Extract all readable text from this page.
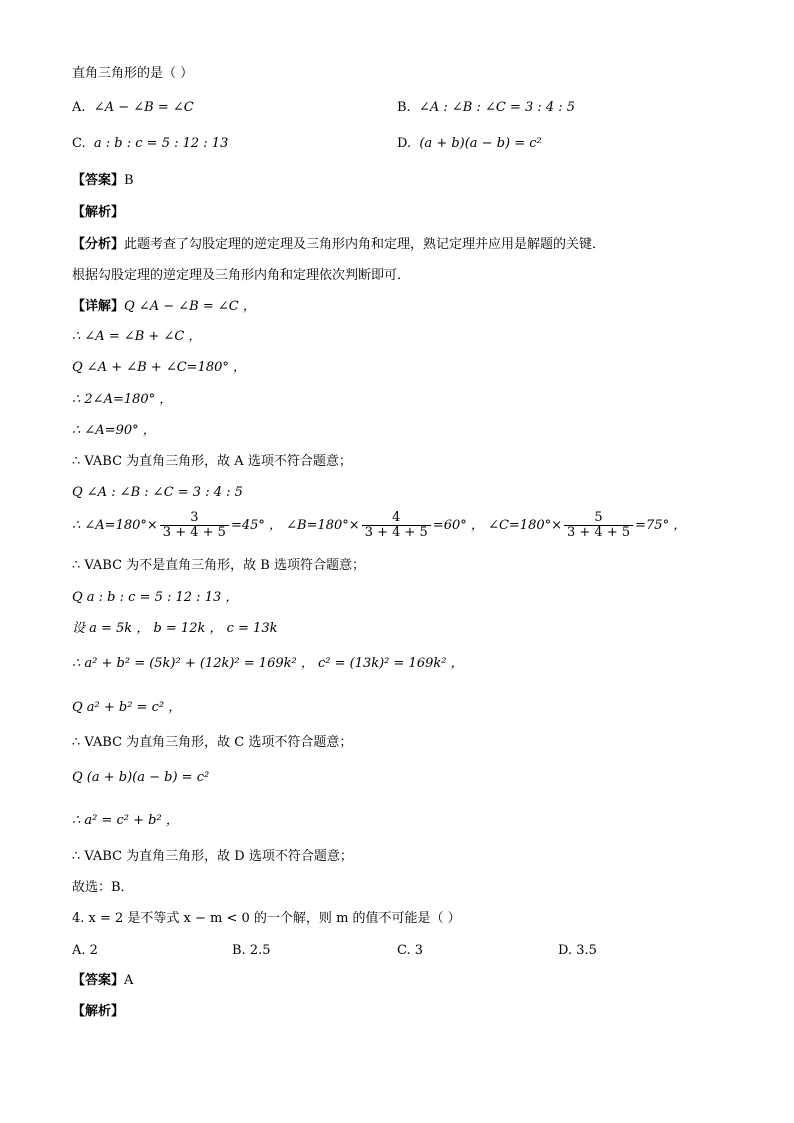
直角三角形的是（ ）
A. ∠A − ∠B = ∠C	B. ∠A : ∠B : ∠C = 3 : 4 : 5
C. a : b : c = 5 : 12 : 13	D. (a + b)(a − b) = c²
【答案】B
【解析】
【分析】此题考查了勾股定理的逆定理及三角形内角和定理，熟记定理并应用是解题的关键．
根据勾股定理的逆定理及三角形内角和定理依次判断即可．
【详解】Q ∠A − ∠B = ∠C ，
∴ ∠A = ∠B + ∠C ，
Q ∠A + ∠B + ∠C=180° ，
∴ 2∠A=180° ，
∴ ∠A=90° ，
∴ VABC 为直角三角形，故 A 选项不符合题意；
Q ∠A : ∠B : ∠C = 3 : 4 : 5
∴ ∠A=180°× $\frac{3}{3 + 4 + 5} =45^\circ$ ， ∠B=180°× $\frac{4}{3 + 4 + 5} =60^\circ$ ， ∠C=180°× $\frac{5}{3 + 4 + 5} =75^\circ$ ，
∴ VABC 为不是直角三角形，故 B 选项符合题意；
Q a : b : c = 5 : 12 : 13 ，
设 a = 5k ， b = 12k ， c = 13k
∴ a² + b² = (5k)² + (12k)² = 169k² ， c² = (13k)² = 169k² ，
Q a² + b² = c² ，
∴ VABC 为直角三角形，故 C 选项不符合题意；
Q (a + b)(a − b) = c²
∴ a² = c² + b² ，
∴ VABC 为直角三角形，故 D 选项不符合题意；
故选：B．
4. x = 2 是不等式 x − m < 0 的一个解，则 m 的值不可能是（ ）
A. 2	B. 2.5	C. 3	D. 3.5
【答案】A
【解析】
